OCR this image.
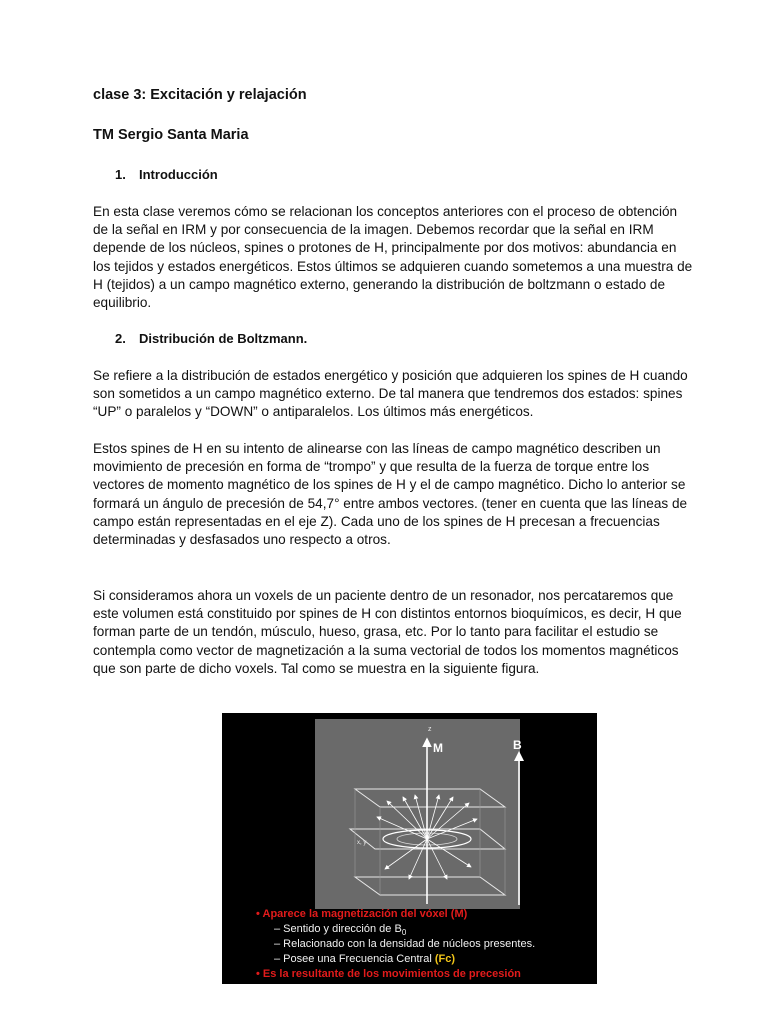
clase 3: Excitación y relajación
TM Sergio Santa Maria
1. Introducción

En esta clase veremos cómo se relacionan los conceptos anteriores con el proceso de obtención de la señal en IRM y por consecuencia de la imagen. Debemos recordar que la señal en IRM depende de los núcleos, spines o protones de H, principalmente por dos motivos: abundancia en los tejidos y estados energéticos. Estos últimos se adquieren cuando sometemos a una muestra de H (tejidos) a un campo magnético externo, generando la distribución de boltzmann o estado de equilibrio.

2. Distribución de Boltzmann.

Se refiere a la distribución de estados energético y posición que adquieren los spines de H cuando son sometidos a un campo magnético externo. De tal manera que tendremos dos estados: spines “UP” o paralelos y “DOWN” o antiparalelos. Los últimos más energéticos.

Estos spines de H en su intento de alinearse con las líneas de campo magnético describen un movimiento de precesión en forma de “trompo” y que resulta de la fuerza de torque entre los vectores de momento magnético de los spines de H y el de campo magnético. Dicho lo anterior se formará un ángulo de precesión de 54,7° entre ambos vectores. (tener en cuenta que las líneas de campo están representadas en el eje Z). Cada uno de los spines de H precesan a frecuencias determinadas y desfasados uno respecto a otros.

Si consideramos ahora un voxels de un paciente dentro de un resonador, nos percataremos que este volumen está constituido por spines de H con distintos entornos bioquímicos, es decir, H que forman parte de un tendón, músculo, hueso, grasa, etc. Por lo tanto para facilitar el estudio se contempla como vector de magnetización a la suma vectorial de todos los momentos magnéticos que son parte de dicho voxels. Tal como se muestra en la siguiente figura.

z
M
x, y
B
• Aparece la magnetización del vóxel (M)
– Sentido y dirección de $B_0$
– Relacionado con la densidad de núcleos presentes.
– Posee una Frecuencia Central (Fc)
• Es la resultante de los movimientos de precesión
